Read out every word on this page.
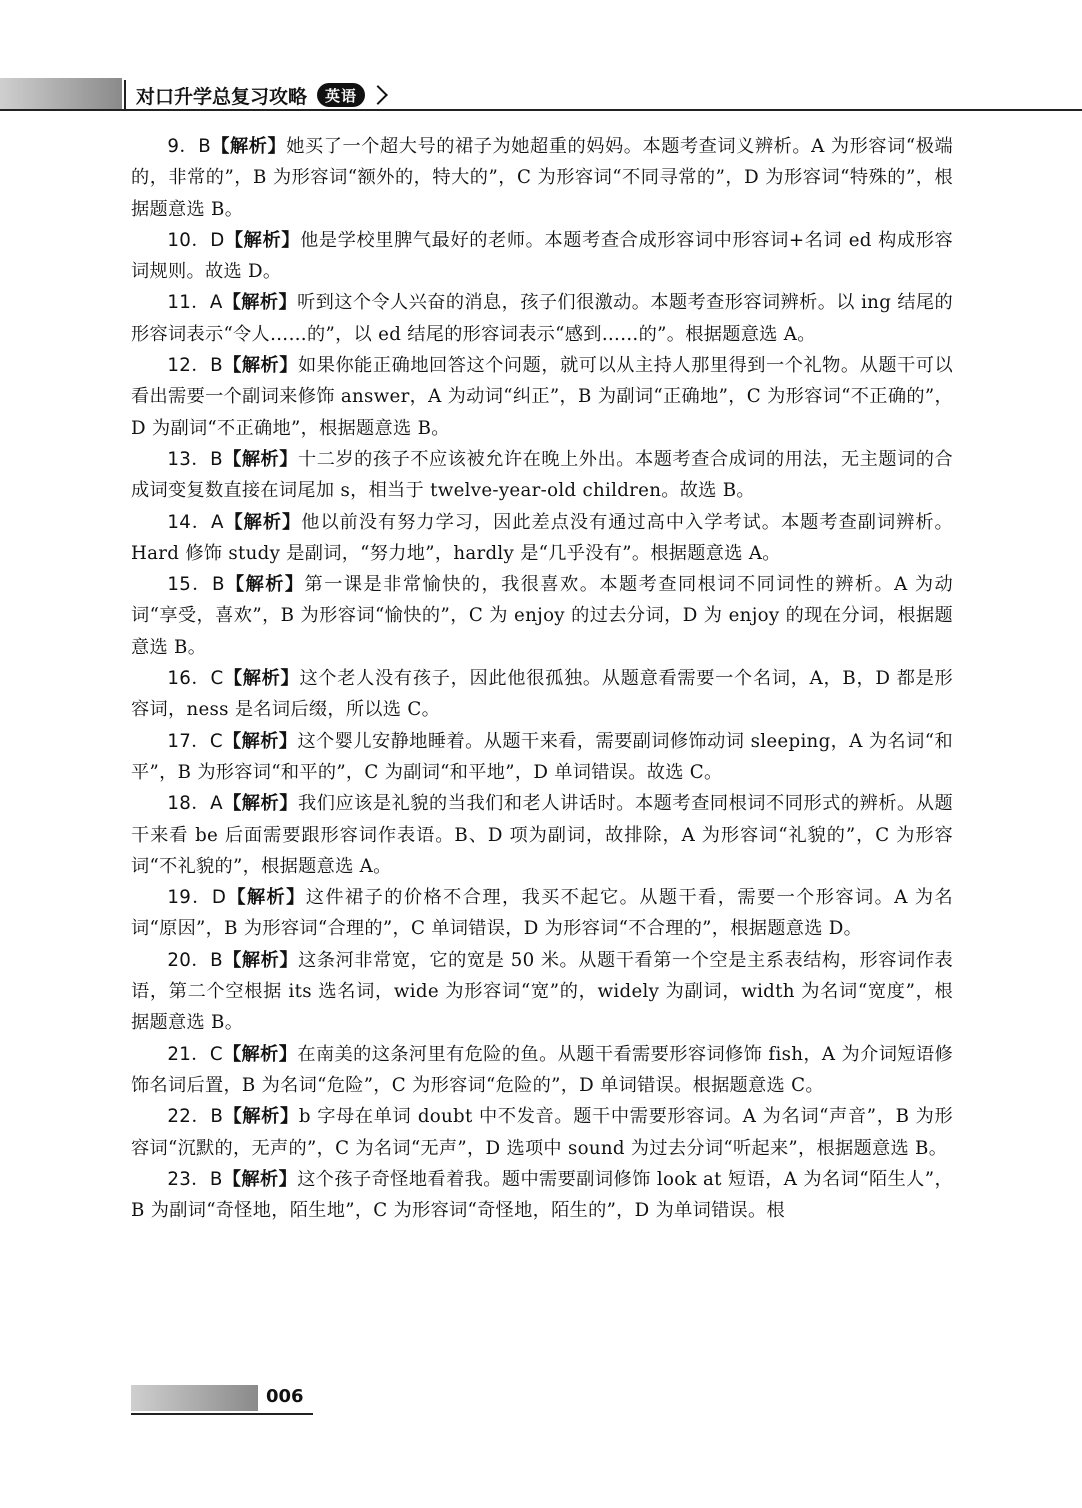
对口升学总复习攻略	英语

9．B【解析】她买了一个超大号的裙子为她超重的妈妈。本题考查词义辨析。A 为形容词“极端的，非常的”，B 为形容词“额外的，特大的”，C 为形容词“不同寻常的”，D 为形容词“特殊的”，根据题意选 B。

10．D【解析】他是学校里脾气最好的老师。本题考查合成形容词中形容词+名词 ed 构成形容词规则。故选 D。

11．A【解析】听到这个令人兴奋的消息，孩子们很激动。本题考查形容词辨析。以 ing 结尾的形容词表示“令人……的”，以 ed 结尾的形容词表示“感到……的”。根据题意选 A。

12．B【解析】如果你能正确地回答这个问题，就可以从主持人那里得到一个礼物。从题干可以看出需要一个副词来修饰 answer，A 为动词“纠正”，B 为副词“正确地”，C 为形容词“不正确的”，D 为副词“不正确地”，根据题意选 B。

13．B【解析】十二岁的孩子不应该被允许在晚上外出。本题考查合成词的用法，无主题词的合成词变复数直接在词尾加 s，相当于 twelve-year-old children。故选 B。

14．A【解析】他以前没有努力学习，因此差点没有通过高中入学考试。本题考查副词辨析。Hard 修饰 study 是副词，“努力地”，hardly 是“几乎没有”。根据题意选 A。

15．B【解析】第一课是非常愉快的，我很喜欢。本题考查同根词不同词性的辨析。A 为动词“享受，喜欢”，B 为形容词“愉快的”，C 为 enjoy 的过去分词，D 为 enjoy 的现在分词，根据题意选 B。

16．C【解析】这个老人没有孩子，因此他很孤独。从题意看需要一个名词，A，B，D 都是形容词，ness 是名词后缀，所以选 C。

17．C【解析】这个婴儿安静地睡着。从题干来看，需要副词修饰动词 sleeping，A 为名词“和平”，B 为形容词“和平的”，C 为副词“和平地”，D 单词错误。故选 C。

18．A【解析】我们应该是礼貌的当我们和老人讲话时。本题考查同根词不同形式的辨析。从题干来看 be 后面需要跟形容词作表语。B、D 项为副词，故排除，A 为形容词“礼貌的”，C 为形容词“不礼貌的”，根据题意选 A。

19．D【解析】这件裙子的价格不合理，我买不起它。从题干看，需要一个形容词。A 为名词“原因”，B 为形容词“合理的”，C 单词错误，D 为形容词“不合理的”，根据题意选 D。

20．B【解析】这条河非常宽，它的宽是 50 米。从题干看第一个空是主系表结构，形容词作表语，第二个空根据 its 选名词，wide 为形容词“宽”的，widely 为副词，width 为名词“宽度”，根据题意选 B。

21．C【解析】在南美的这条河里有危险的鱼。从题干看需要形容词修饰 fish，A 为介词短语修饰名词后置，B 为名词“危险”，C 为形容词“危险的”，D 单词错误。根据题意选 C。

22．B【解析】b 字母在单词 doubt 中不发音。题干中需要形容词。A 为名词“声音”，B 为形容词“沉默的，无声的”，C 为名词“无声”，D 选项中 sound 为过去分词“听起来”，根据题意选 B。

23．B【解析】这个孩子奇怪地看着我。题中需要副词修饰 look at 短语，A 为名词“陌生人”，B 为副词“奇怪地，陌生地”，C 为形容词“奇怪地，陌生的”，D 为单词错误。根

006
